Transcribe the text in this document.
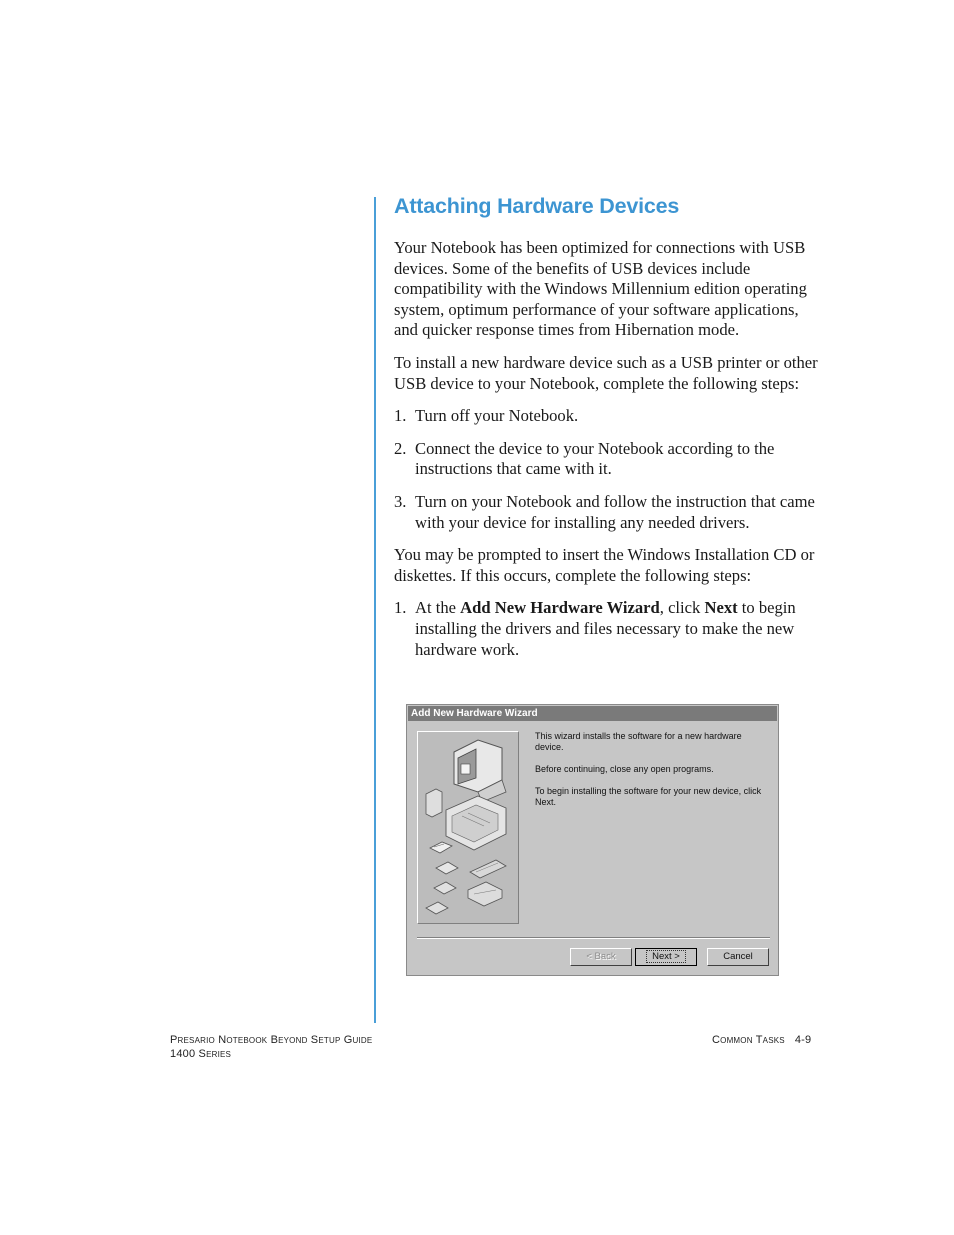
Attaching Hardware Devices

Your Notebook has been optimized for connections with USB devices. Some of the benefits of USB devices include compatibility with the Windows Millennium edition operating system, optimum performance of your software applications, and quicker response times from Hibernation mode.

To install a new hardware device such as a USB printer or other USB device to your Notebook, complete the following steps:

1. Turn off your Notebook.
2. Connect the device to your Notebook according to the instructions that came with it.
3. Turn on your Notebook and follow the instruction that came with your device for installing any needed drivers.

You may be prompted to insert the Windows Installation CD or diskettes. If this occurs, complete the following steps:

1. At the Add New Hardware Wizard, click Next to begin installing the drivers and files necessary to make the new hardware work.
Add New Hardware Wizard
This wizard installs the software for a new hardware device.
Before continuing, close any open programs.
To begin installing the software for your new device, click Next.
< Back	Next >	Cancel
Presario Notebook Beyond Setup Guide
1400 Series
Common Tasks 4-9
